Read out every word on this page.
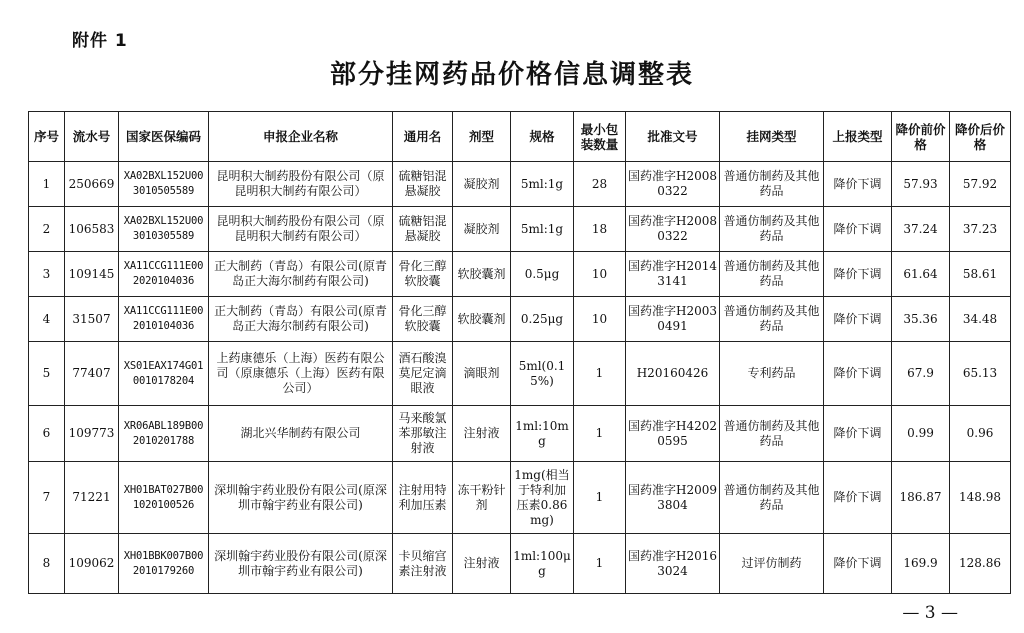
附件 1
部分挂网药品价格信息调整表
序号	流水号	国家医保编码	申报企业名称	通用名	剂型	规格	最小包装数量	批准文号	挂网类型	上报类型	降价前价格	降价后价格
1	250669	XA02BXL152U003010505589	昆明积大制药股份有限公司（原昆明积大制药有限公司）	硫糖铝混悬凝胶	凝胶剂	5ml:1g	28	国药准字H20080322	普通仿制药及其他药品	降价下调	57.93	57.92
2	106583	XA02BXL152U003010305589	昆明积大制药股份有限公司（原昆明积大制药有限公司）	硫糖铝混悬凝胶	凝胶剂	5ml:1g	18	国药准字H20080322	普通仿制药及其他药品	降价下调	37.24	37.23
3	109145	XA11CCG111E002020104036	正大制药（青岛）有限公司(原青岛正大海尔制药有限公司)	骨化三醇软胶囊	软胶囊剂	0.5μg	10	国药准字H20143141	普通仿制药及其他药品	降价下调	61.64	58.61
4	31507	XA11CCG111E002010104036	正大制药（青岛）有限公司(原青岛正大海尔制药有限公司)	骨化三醇软胶囊	软胶囊剂	0.25μg	10	国药准字H20030491	普通仿制药及其他药品	降价下调	35.36	34.48
5	77407	XS01EAX174G010010178204	上药康德乐（上海）医药有限公司（原康德乐（上海）医药有限公司）	酒石酸溴莫尼定滴眼液	滴眼剂	5ml(0.15%)	1	H20160426	专利药品	降价下调	67.9	65.13
6	109773	XR06ABL189B002010201788	湖北兴华制药有限公司	马来酸氯苯那敏注射液	注射液	1ml:10mg	1	国药准字H42020595	普通仿制药及其他药品	降价下调	0.99	0.96
7	71221	XH01BAT027B001020100526	深圳翰宇药业股份有限公司(原深圳市翰宇药业有限公司)	注射用特利加压素	冻干粉针剂	1mg(相当于特利加压素0.86mg)	1	国药准字H20093804	普通仿制药及其他药品	降价下调	186.87	148.98
8	109062	XH01BBK007B002010179260	深圳翰宇药业股份有限公司(原深圳市翰宇药业有限公司)	卡贝缩宫素注射液	注射液	1ml:100μg	1	国药准字H20163024	过评仿制药	降价下调	169.9	128.86
— 3 —
